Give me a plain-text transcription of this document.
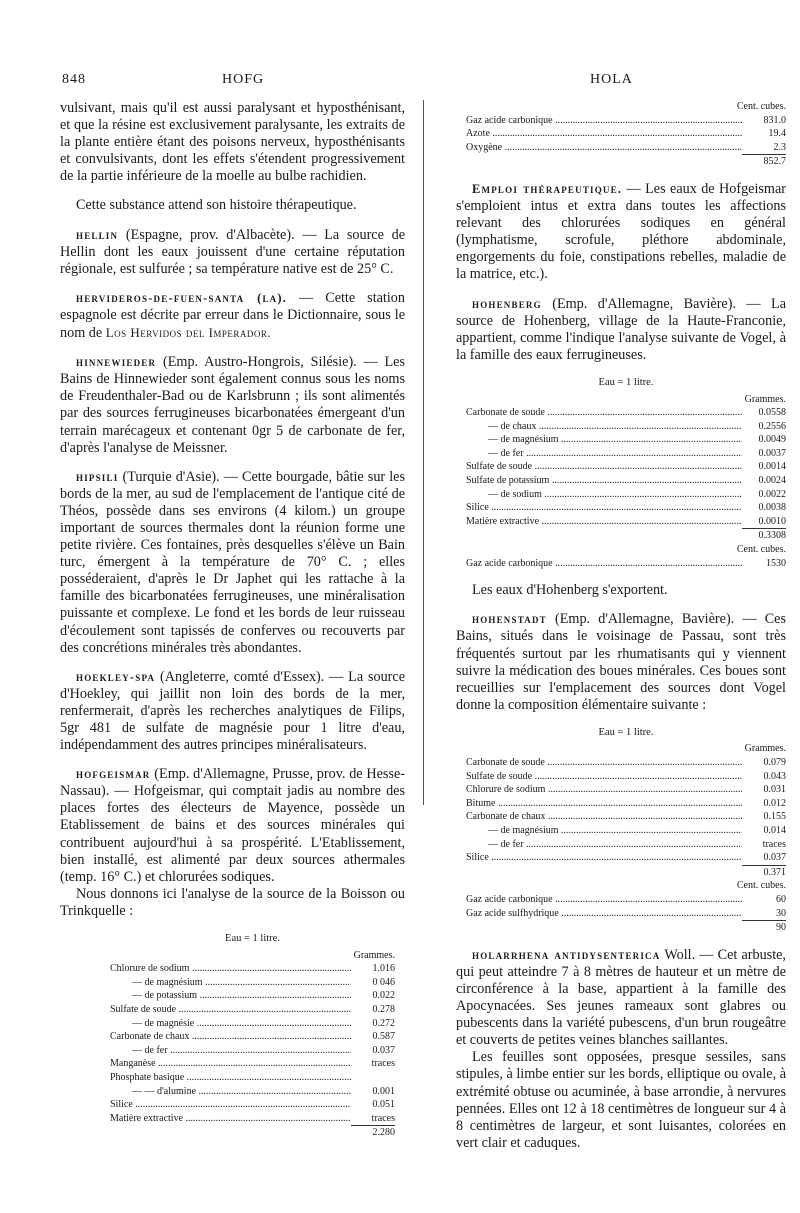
848	HOFG	HOLA

vulsivant, mais qu'il est aussi paralysant et hyposthénisant, et que la résine est exclusivement paralysante, les extraits de la plante entière étant des poisons nerveux, hyposthénisants et convulsivants, dont les effets s'étendent progressivement de la partie inférieure de la moelle au bulbe rachidien.

Cette substance attend son histoire thérapeutique.

hellin (Espagne, prov. d'Albacète). — La source de Hellin dont les eaux jouissent d'une certaine réputation régionale, est sulfurée ; sa température native est de 25° C.

hervideros-de-fuen-santa (la). — Cette station espagnole est décrite par erreur dans le Dictionnaire, sous le nom de Los Hervidos del Imperador.

hinnewieder (Emp. Austro-Hongrois, Silésie). — Les Bains de Hinnewieder sont également connus sous les noms de Freudenthaler-Bad ou de Karlsbrunn ; ils sont alimentés par des sources ferrugineuses bicarbonatées émergeant d'un terrain marécageux et contenant 0gr 5 de carbonate de fer, d'après l'analyse de Meissner.

hipsili (Turquie d'Asie). — Cette bourgade, bâtie sur les bords de la mer, au sud de l'emplacement de l'antique cité de Théos, possède dans ses environs (4 kilom.) un groupe important de sources thermales dont la réunion forme une petite rivière. Ces fontaines, près desquelles s'élève un Bain turc, émergent à la température de 70° C. ; elles posséderaient, d'après le Dr Japhet qui les rattache à la famille des bicarbonatées ferrugineuses, une minéralisation puissante et complexe. Le fond et les bords de leur ruisseau d'écoulement sont tapissés de conferves ou recouverts par des concrétions minérales très abondantes.

hoekley-spa (Angleterre, comté d'Essex). — La source d'Hoekley, qui jaillit non loin des bords de la mer, renfermerait, d'après les recherches analytiques de Filips, 5gr 481 de sulfate de magnésie pour 1 litre d'eau, indépendamment des autres principes minéralisateurs.

hofgeismar (Emp. d'Allemagne, Prusse, prov. de Hesse-Nassau). — Hofgeismar, qui comptait jadis au nombre des places fortes des électeurs de Mayence, possède un Etablissement de bains et des sources minérales qui contribuent aujourd'hui à sa prospérité. L'Etablissement, bien installé, est alimenté par deux sources athermales (temp. 16° C.) et chlorurées sodiques.

Nous donnons ici l'analyse de la source de la Boisson ou Trinkquelle :

Eau = 1 litre.
Grammes.
Chlorure de sodium .....	1.016
— de magnésium .....	0 046
— de potassium .....	0.022
Sulfate de soude .....	0.278
— de magnésie .....	0.272
Carbonate de chaux .....	0.587
— de fer .....	0.037
Manganèse .....	traces
Phosphate basique .....
— — d'alumine .....	0.001
Silice .....	0.051
Matière extractive .....	traces
2.280
Cent. cubes.
Gaz acide carbonique .....	831.0
Azote .....	19.4
Oxygène .....	2.3
852.7

Emploi thérapeutique. — Les eaux de Hofgeismar s'emploient intus et extra dans toutes les affections relevant des chlorurées sodiques en général (lymphatisme, scrofule, pléthore abdominale, engorgements du foie, constipations rebelles, maladie de la matrice, etc.).

hohenberg (Emp. d'Allemagne, Bavière). — La source de Hohenberg, village de la Haute-Franconie, appartient, comme l'indique l'analyse suivante de Vogel, à la famille des eaux ferrugineuses.

Eau = 1 litre.
Grammes.
Carbonate de soude .....	0.0558
— de chaux .....	0.2556
— de magnésium .....	0.0049
— de fer .....	0.0037
Sulfate de soude .....	0.0014
Sulfate de potassium .....	0.0024
— de sodium .....	0.0022
Silice .....	0.0038
Matière extractive .....	0.0010
0.3308
Cent. cubes.
Gaz acide carbonique .....	1530

Les eaux d'Hohenberg s'exportent.

hohenstadt (Emp. d'Allemagne, Bavière). — Ces Bains, situés dans le voisinage de Passau, sont très fréquentés surtout par les rhumatisants qui y viennent suivre la médication des boues minérales. Ces boues sont recueillies sur l'emplacement des sources dont Vogel donne la composition élémentaire suivante :

Eau = 1 litre.
Grammes.
Carbonate de soude .....	0.079
Sulfate de soude .....	0.043
Chlorure de sodium .....	0.031
Bitume .....	0.012
Carbonate de chaux .....	0.155
— de magnésium .....	0.014
— de fer .....	traces
Silice .....	0.037
0.371
Cent. cubes.
Gaz acide carbonique .....	60
Gaz acide sulfhydrique .....	30
90

holarrhena antidysenterica Woll. — Cet arbuste, qui peut atteindre 7 à 8 mètres de hauteur et un mètre de circonférence à la base, appartient à la famille des Apocynacées. Ses jeunes rameaux sont glabres ou pubescents dans la variété pubescens, d'un brun rougeâtre et couverts de petites veines blanches saillantes.

Les feuilles sont opposées, presque sessiles, sans stipules, à limbe entier sur les bords, elliptique ou ovale, à extrémité obtuse ou acuminée, à base arrondie, à nervures pennées. Elles ont 12 à 18 centimètres de longueur sur 4 à 8 centimètres de largeur, et sont luisantes, colorées en vert clair et caduques.
